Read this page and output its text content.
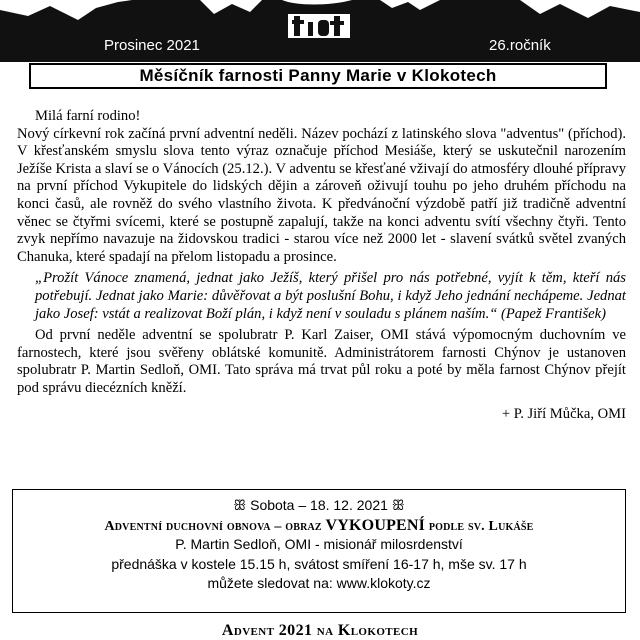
Prosinec 2021	26.ročník
Měsíčník farnosti Panny Marie v Klokotech

Milá farní rodino!

Nový církevní rok začíná první adventní neděli. Název pochází z latinského slova "adventus" (příchod). V křesťanském smyslu slova tento výraz označuje příchod Mesiáše, který se uskutečnil narozením Ježíše Krista a slaví se o Vánocích (25.12.). V adventu se křesťané vživají do atmosféry dlouhé přípravy na první příchod Vykupitele do lidských dějin a zároveň oživují touhu po jeho druhém příchodu na konci časů, ale rovněž do svého vlastního života. K předvánoční výzdobě patří již tradičně adventní věnec se čtyřmi svícemi, které se postupně zapalují, takže na konci adventu svítí všechny čtyři. Tento zvyk nepřímo navazuje na židovskou tradici - starou více než 2000 let - slavení svátků světel zvaných Chanuka, které spadají na přelom listopadu a prosince.

„Prožít Vánoce znamená, jednat jako Ježíš, který přišel pro nás potřebné, vyjít k těm, kteří nás potřebují. Jednat jako Marie: důvěřovat a být poslušní Bohu, i když Jeho jednání nechápeme. Jednat jako Josef: vstát a realizovat Boží plán, i když není v souladu s plánem naším.“ (Papež František)

Od první neděle adventní se spolubratr P. Karl Zaiser, OMI stává výpomocným duchovním ve farnostech, které jsou svěřeny oblátské komunitě. Administrátorem farnosti Chýnov je ustanoven spolubratr P. Martin Sedloň, OMI. Tato správa má trvat půl roku a poté by měla farnost Chýnov přejít pod správu diecézních kněží.

+ P. Jiří Můčka, OMI

ꕥ Sobota – 18. 12. 2021 ꕥ
Adventní duchovní obnova – obraz VYKOUPENÍ podle sv. Lukáše
P. Martin Sedloň, OMI - misionář milosrdenství
přednáška v kostele 15.15 h, svátost smíření 16-17 h, mše sv. 17 h
můžete sledovat na: www.klokoty.cz
Advent 2021 na Klokotech
